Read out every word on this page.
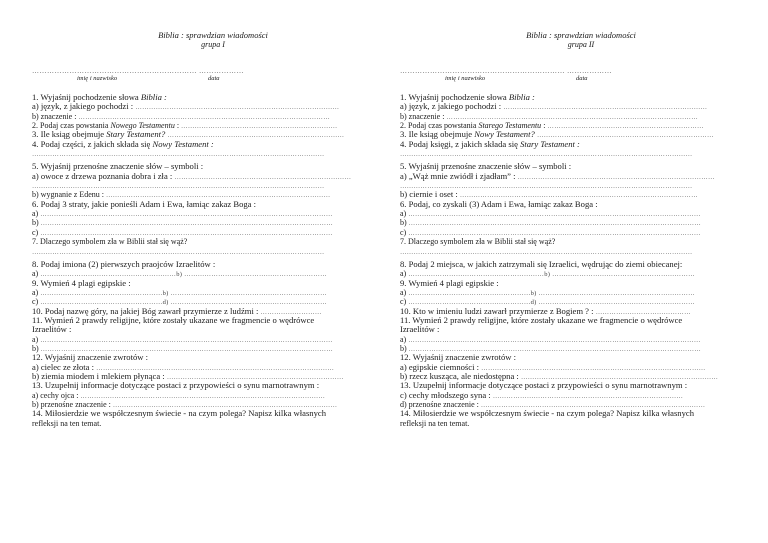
Biblia : sprawdzian wiadomości
grupa I
………………………………………………………… ………………
imię i nazwisko	data
1. Wyjaśnij pochodzenie słowa Biblia :
a) język, z jakiego pochodzi : ………………………………………………………………………………
b) znaczenie : …………………………………………………………………………………………………
2. Podaj czas powstania Nowego Testamentu : ……………………………………………………………
3. Ile ksiąg obejmuje Stary Testament? ……………………………………………………………………
4. Podaj części, z jakich składa się Nowy Testament :
…………………………………………………………………………………………………………………
5. Wyjaśnij przenośne znaczenie słów – symboli :
a) owoce z drzewa poznania dobra i zła : ……………………………………………………………………
…………………………………………………………………………………………………………………
b) wygnanie z Edenu : ………………………………………………………………………………………
6. Podaj 3 straty, jakie ponieśli Adam i Ewa, łamiąc zakaz Boga :
a) …………………………………………………………………………………………………………………
b) …………………………………………………………………………………………………………………
c) …………………………………………………………………………………………………………………
7. Dlaczego symbolem zła w Biblii stał się wąż?
…………………………………………………………………………………………………………………
8. Podaj imiona (2) pierwszych praojców Izraelitów :
a) ……………………………………………………b) ………………………………………………………
9. Wymień 4 plagi egipskie :
a) ………………………………………………b) ……………………………………………………………
c) ………………………………………………d) ……………………………………………………………
10. Podaj nazwę góry, na jakiej Bóg zawarł przymierze z ludźmi : ………………………
11. Wymień 2 prawdy religijne, które zostały ukazane we fragmencie o wędrówce
Izraelitów :
a) …………………………………………………………………………………………………………………
b) …………………………………………………………………………………………………………………
12. Wyjaśnij znaczenie zwrotów :
a) cielec ze złota : ……………………………………………………………………………………………
b) ziemia miodem i mlekiem płynąca : ……………………………………………………………………
13. Uzupełnij informacje dotyczące postaci z przypowieści o synu marnotrawnym :
a) cechy ojca : ………………………………………………………………………………………………
b) przenośne znaczenie : ………………………………………………………………………………………
14. Miłosierdzie we współczesnym świecie - na czym polega? Napisz kilka własnych
refleksji na ten temat.
Biblia : sprawdzian wiadomości
grupa II
………………………………………………………… ………………
imię i nazwisko	data
1. Wyjaśnij pochodzenie słowa Biblia :
a) język, z jakiego pochodzi : ………………………………………………………………………………
b) znaczenie : …………………………………………………………………………………………………
2. Podaj czas powstania Starego Testamentu : ……………………………………………………………
3. Ile ksiąg obejmuje Nowy Testament? ……………………………………………………………………
4. Podaj księgi, z jakich składa się Stary Testament :
…………………………………………………………………………………………………………………
5. Wyjaśnij przenośne znaczenie słów – symboli :
a) „Wąż mnie zwiódł i zjadłam” : ……………………………………………………………………………
…………………………………………………………………………………………………………………
b) ciernie i oset : ……………………………………………………………………………………………
6. Podaj, co zyskali (3) Adam i Ewa, łamiąc zakaz Boga :
a) …………………………………………………………………………………………………………………
b) …………………………………………………………………………………………………………………
c) …………………………………………………………………………………………………………………
7. Dlaczego symbolem zła w Biblii stał się wąż?
…………………………………………………………………………………………………………………
8. Podaj 2 miejsca, w jakich zatrzymali się Izraelici, wędrując do ziemi obiecanej:
a) ……………………………………………………b) ………………………………………………………
9. Wymień 4 plagi egipskie :
a) ………………………………………………b) ……………………………………………………………
c) ………………………………………………d) ……………………………………………………………
10. Kto w imieniu ludzi zawarł przymierze z Bogiem ? : ……………………………………
11. Wymień 2 prawdy religijne, które zostały ukazane we fragmencie o wędrówce
Izraelitów :
a) …………………………………………………………………………………………………………………
b) …………………………………………………………………………………………………………………
12. Wyjaśnij znaczenie zwrotów :
a) egipskie ciemności : ………………………………………………………………………………………
b) rzecz kusząca, ale niedostępna : ……………………………………………………………………………
13. Uzupełnij informacje dotyczące postaci z przypowieści o synu marnotrawnym :
c) cechy młodszego syna : …………………………………………………………………………
d) przenośne znaczenie : ………………………………………………………………………………………
14. Miłosierdzie we współczesnym świecie - na czym polega? Napisz kilka własnych
refleksji na ten temat.
